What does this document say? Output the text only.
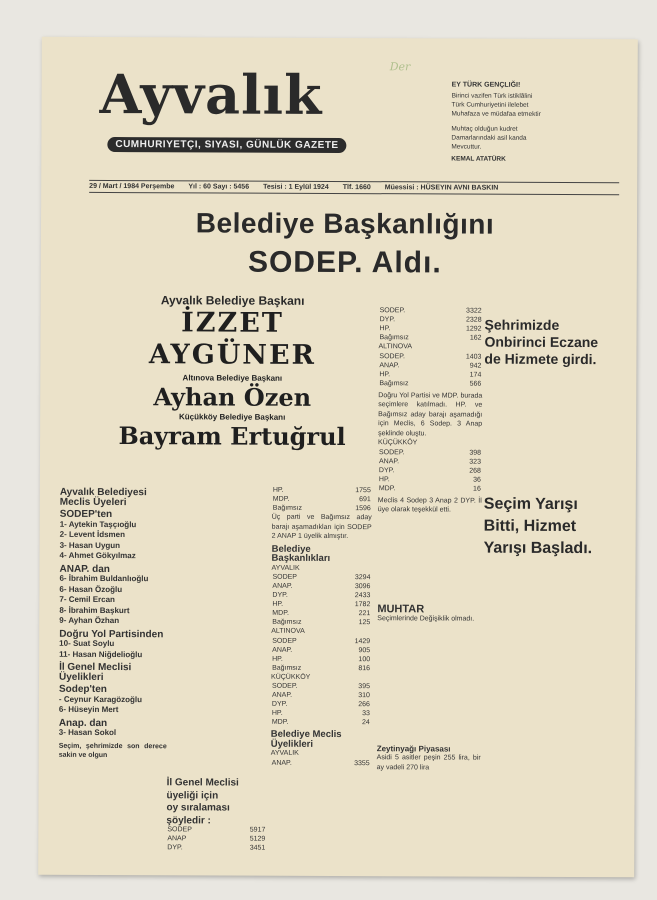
Ayvalık
CUMHURIYETÇI, SIYASI, GÜNLÜK GAZETE
Der
EY TÜRK GENÇLIĞI!
Birinci vazifen Türk istiklâlini
Türk Cumhuriyetini ilelebet
Muhafaza ve müdafaa etmektir
Muhtaç olduğun kudret
Damarlarındaki asil kanda
Mevcuttur.
KEMAL ATATÜRK
29 / Mart / 1984 Perşembe Yıl : 60 Sayı : 5456 Tesisi : 1 Eylül 1924 Tlf. 1660 Müessisi : HÜSEYIN AVNI BASKIN
Belediye Başkanlığını
SODEP. Aldı.
Ayvalık Belediye Başkanı
İZZET AYGÜNER
Altınova Belediye Başkanı
Ayhan Özen
Küçükköy Belediye Başkanı
Bayram Ertuğrul
Ayvalık Belediyesi Meclis Üyeleri
SODEP'ten
1- Aytekin Taşçıoğlu
2- Levent İdsmen
3- Hasan Uygun
4- Ahmet Gökyılmaz
ANAP. dan
6- İbrahim Buldanlıoğlu
6- Hasan Özoğlu
7- Cemil Ercan
8- İbrahim Başkurt
9- Ayhan Özhan
Doğru Yol Partisinden
10- Suat Soylu
11- Hasan Niğdelioğlu
İl Genel Meclisi Üyelikleri
Sodep'ten
- Ceynur Karagözoğlu
6- Hüseyin Mert
Anap. dan
3- Hasan Sokol
Seçim, şehrimizde son derece sakin ve olgun
HP.	1755
MDP.	691
Bağımsız	1596
Üç parti ve Bağımsız aday barajı aşamadıkları için SODEP 2 ANAP 1 üyelik almıştır.
Belediye Başkanlıkları
AYVALIK
SODEP	3294
ANAP.	3096
DYP.	2433
HP.	1782
MDP.	221
Bağımsız	125
ALTINOVA
SODEP	1429
ANAP.	905
HP.	100
Bağımsız	816
KÜÇÜKKÖY
SODEP.	395
ANAP.	310
DYP.	266
HP.	33
MDP.	24
Belediye Meclis Üyelikleri
AYVALIK
ANAP.	3355
İl Genel Meclisi
üyeliği için
oy sıralaması
şöyledir :
SODEP	5917
ANAP	5129
DYP.	3451
SODEP.	3322
DYP.	2328
HP.	1292
Bağımsız	162
ALTINOVA
SODEP.	1403
ANAP.	942
HP.	174
Bağımsız	566
Doğru Yol Partisi ve MDP. burada seçimlere katılmadı. HP. ve Bağımsız aday barajı aşamadığı için Meclis, 6 Sodep. 3 Anap şeklinde oluştu.
KÜÇÜKKÖY
SODEP.	398
ANAP.	323
DYP.	268
HP.	36
MDP.	16
Meclis 4 Sodep 3 Anap 2 DYP. İl üye olarak teşekkül etti.
MUHTAR
Seçimlerinde Değişiklik olmadı.
Zeytinyağı Piyasası
Asidi 5 asitler peşin 255 lira, bir ay vadeli 270 lira
Şehrimizde Onbirinci Eczane de Hizmete girdi.
Seçim Yarışı Bitti, Hizmet Yarışı Başladı.
